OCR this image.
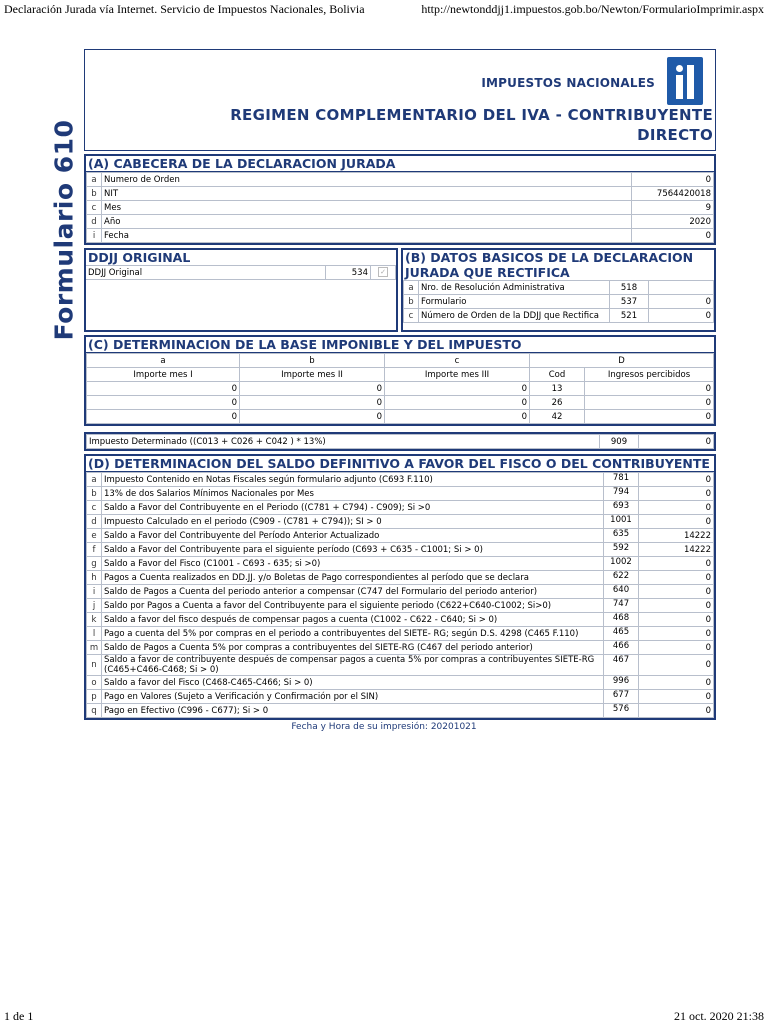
Declaración Jurada vía Internet. Servicio de Impuestos Nacionales, Bolivia	http://newtonddjj1.impuestos.gob.bo/Newton/FormularioImprimir.aspx
Formulario 610
IMPUESTOS NACIONALES
REGIMEN COMPLEMENTARIO DEL IVA - CONTRIBUYENTE
DIRECTO
(A) CABECERA DE LA DECLARACION JURADA
a	Numero de Orden	0
b	NIT	7564420018
c	Mes	9
d	Año	2020
i	Fecha	0
DDJJ ORIGINAL
DDJJ Original	534	✓
(B) DATOS BASICOS DE LA DECLARACION JURADA QUE RECTIFICA
a	Nro. de Resolución Administrativa	518	
b	Formulario	537	0
c	Número de Orden de la DDJJ que Rectifica	521	0
(C) DETERMINACION DE LA BASE IMPONIBLE Y DEL IMPUESTO
a	b	c	D	
Importe mes I	Importe mes II	Importe mes III	Cod	Ingresos percibidos
0	0	0	13	0
0	0	0	26	0
0	0	0	42	0
Impuesto Determinado ((C013 + C026 + C042 ) * 13%)	909	0
(D) DETERMINACION DEL SALDO DEFINITIVO A FAVOR DEL FISCO O DEL CONTRIBUYENTE
a	Impuesto Contenido en Notas Fiscales según formulario adjunto (C693 F.110)	781	0
b	13% de dos Salarios Mínimos Nacionales por Mes	794	0
c	Saldo a Favor del Contribuyente en el Periodo ((C781 + C794) - C909); Si >0	693	0
d	Impuesto Calculado en el periodo (C909 - (C781 + C794)); SI > 0	1001	0
e	Saldo a Favor del Contribuyente del Período Anterior Actualizado	635	14222
f	Saldo a Favor del Contribuyente para el siguiente período (C693 + C635 - C1001; Si > 0)	592	14222
g	Saldo a Favor del Fisco (C1001 - C693 - 635; si >0)	1002	0
h	Pagos a Cuenta realizados en DD.JJ. y/o Boletas de Pago correspondientes al período que se declara	622	0
i	Saldo de Pagos a Cuenta del periodo anterior a compensar (C747 del Formulario del periodo anterior)	640	0
j	Saldo por Pagos a Cuenta a favor del Contribuyente para el siguiente periodo (C622+C640-C1002; Si>0)	747	0
k	Saldo a favor del fisco después de compensar pagos a cuenta (C1002 - C622 - C640; Si > 0)	468	0
l	Pago a cuenta del 5% por compras en el periodo a contribuyentes del SIETE- RG; según D.S. 4298 (C465 F.110)	465	0
m	Saldo de Pagos a Cuenta 5% por compras a contribuyentes del SIETE-RG (C467 del periodo anterior)	466	0
n	Saldo a favor de contribuyente después de compensar pagos a cuenta 5% por compras a contribuyentes SIETE-RG
(C465+C466-C468; Si > 0)	467	0
o	Saldo a favor del Fisco (C468-C465-C466; Si > 0)	996	0
p	Pago en Valores (Sujeto a Verificación y Confirmación por el SIN)	677	0
q	Pago en Efectivo (C996 - C677); Si > 0	576	0
Fecha y Hora de su impresión: 20201021
1 de 1	21 oct. 2020 21:38
